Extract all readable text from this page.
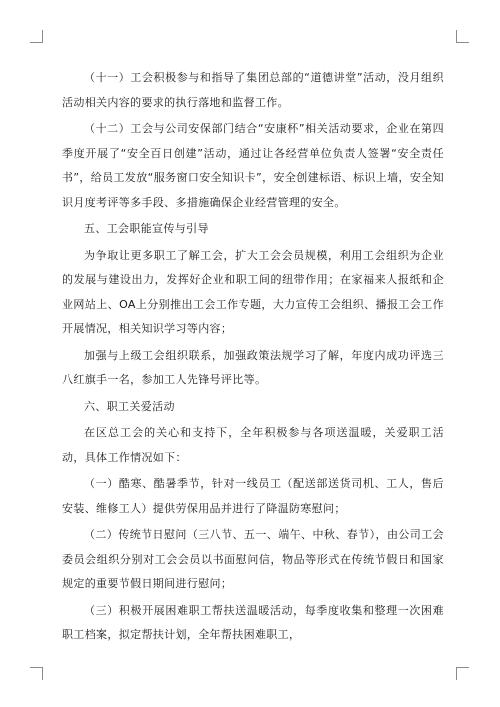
（十一）工会积极参与和指导了集团总部的“道德讲堂”活动，没月组织活动相关内容的要求的执行落地和监督工作。

（十二）工会与公司安保部门结合“安康杯”相关活动要求，企业在第四季度开展了“安全百日创建”活动，通过让各经营单位负责人签署“安全责任书”，给员工发放“服务窗口安全知识卡”，安全创建标语、标识上墙，安全知识月度考评等多手段、多措施确保企业经营管理的安全。

五、工会职能宣传与引导

为争取让更多职工了解工会，扩大工会会员规模，利用工会组织为企业的发展与建设出力，发挥好企业和职工间的纽带作用；在家福来人报纸和企业网站上、OA上分别推出工会工作专题，大力宣传工会组织、播报工会工作开展情况，相关知识学习等内容；

加强与上级工会组织联系，加强政策法规学习了解，年度内成功评选三八红旗手一名，参加工人先锋号评比等。

六、职工关爱活动

在区总工会的关心和支持下，全年积极参与各项送温暖，关爱职工活动，具体工作情况如下：

（一）酷寒、酷暑季节，针对一线员工（配送部送货司机、工人，售后安装、维修工人）提供劳保用品并进行了降温防寒慰问；

（二）传统节日慰问（三八节、五一、端午、中秋、春节），由公司工会委员会组织分别对工会会员以书面慰问信，物品等形式在传统节假日和国家规定的重要节假日期间进行慰问；

（三）积极开展困难职工帮扶送温暖活动，每季度收集和整理一次困难职工档案，拟定帮扶计划，全年帮扶困难职工，
